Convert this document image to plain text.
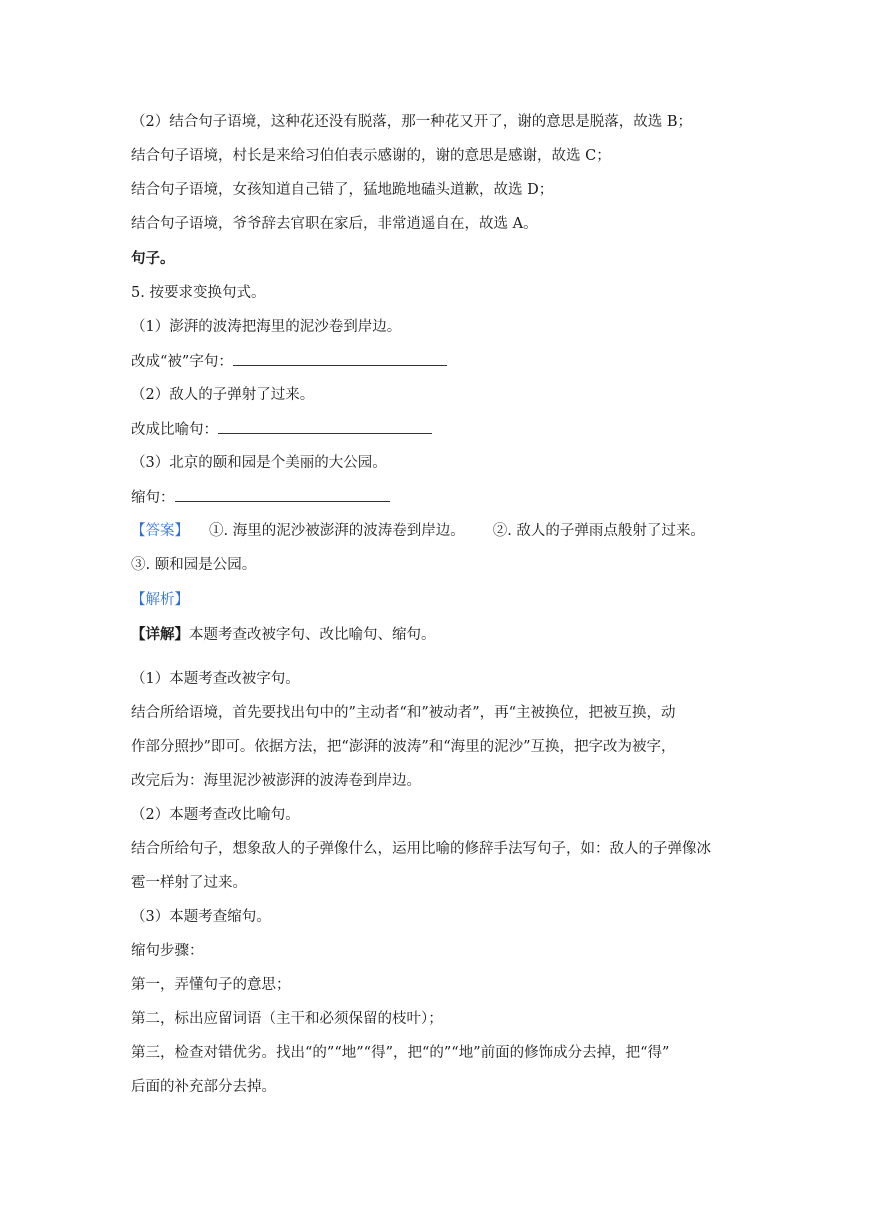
（2）结合句子语境，这种花还没有脱落，那一种花又开了，谢的意思是脱落，故选 B；
结合句子语境，村长是来给习伯伯表示感谢的，谢的意思是感谢，故选 C；
结合句子语境，女孩知道自己错了，猛地跪地磕头道歉，故选 D；
结合句子语境，爷爷辞去官职在家后，非常逍遥自在，故选 A。
句子。
5. 按要求变换句式。
（1）澎湃的波涛把海里的泥沙卷到岸边。
改成“被”字句：
（2）敌人的子弹射了过来。
改成比喻句：
（3）北京的颐和园是个美丽的大公园。
缩句：
【答案】 ①. 海里的泥沙被澎湃的波涛卷到岸边。 ②. 敌人的子弹雨点般射了过来。
③. 颐和园是公园。
【解析】
【详解】本题考查改被字句、改比喻句、缩句。
（1）本题考查改被字句。
结合所给语境，首先要找出句中的”主动者“和”被动者”，再“主被换位，把被互换，动
作部分照抄”即可。依据方法，把“澎湃的波涛”和“海里的泥沙”互换，把字改为被字，
改完后为：海里泥沙被澎湃的波涛卷到岸边。
（2）本题考查改比喻句。
结合所给句子，想象敌人的子弹像什么，运用比喻的修辞手法写句子，如：敌人的子弹像冰
雹一样射了过来。
（3）本题考查缩句。
缩句步骤：
第一，弄懂句子的意思；
第二，标出应留词语（主干和必须保留的枝叶）；
第三，检查对错优劣。找出“的”“地”“得”，把“的”“地”前面的修饰成分去掉，把“得”
后面的补充部分去掉。
